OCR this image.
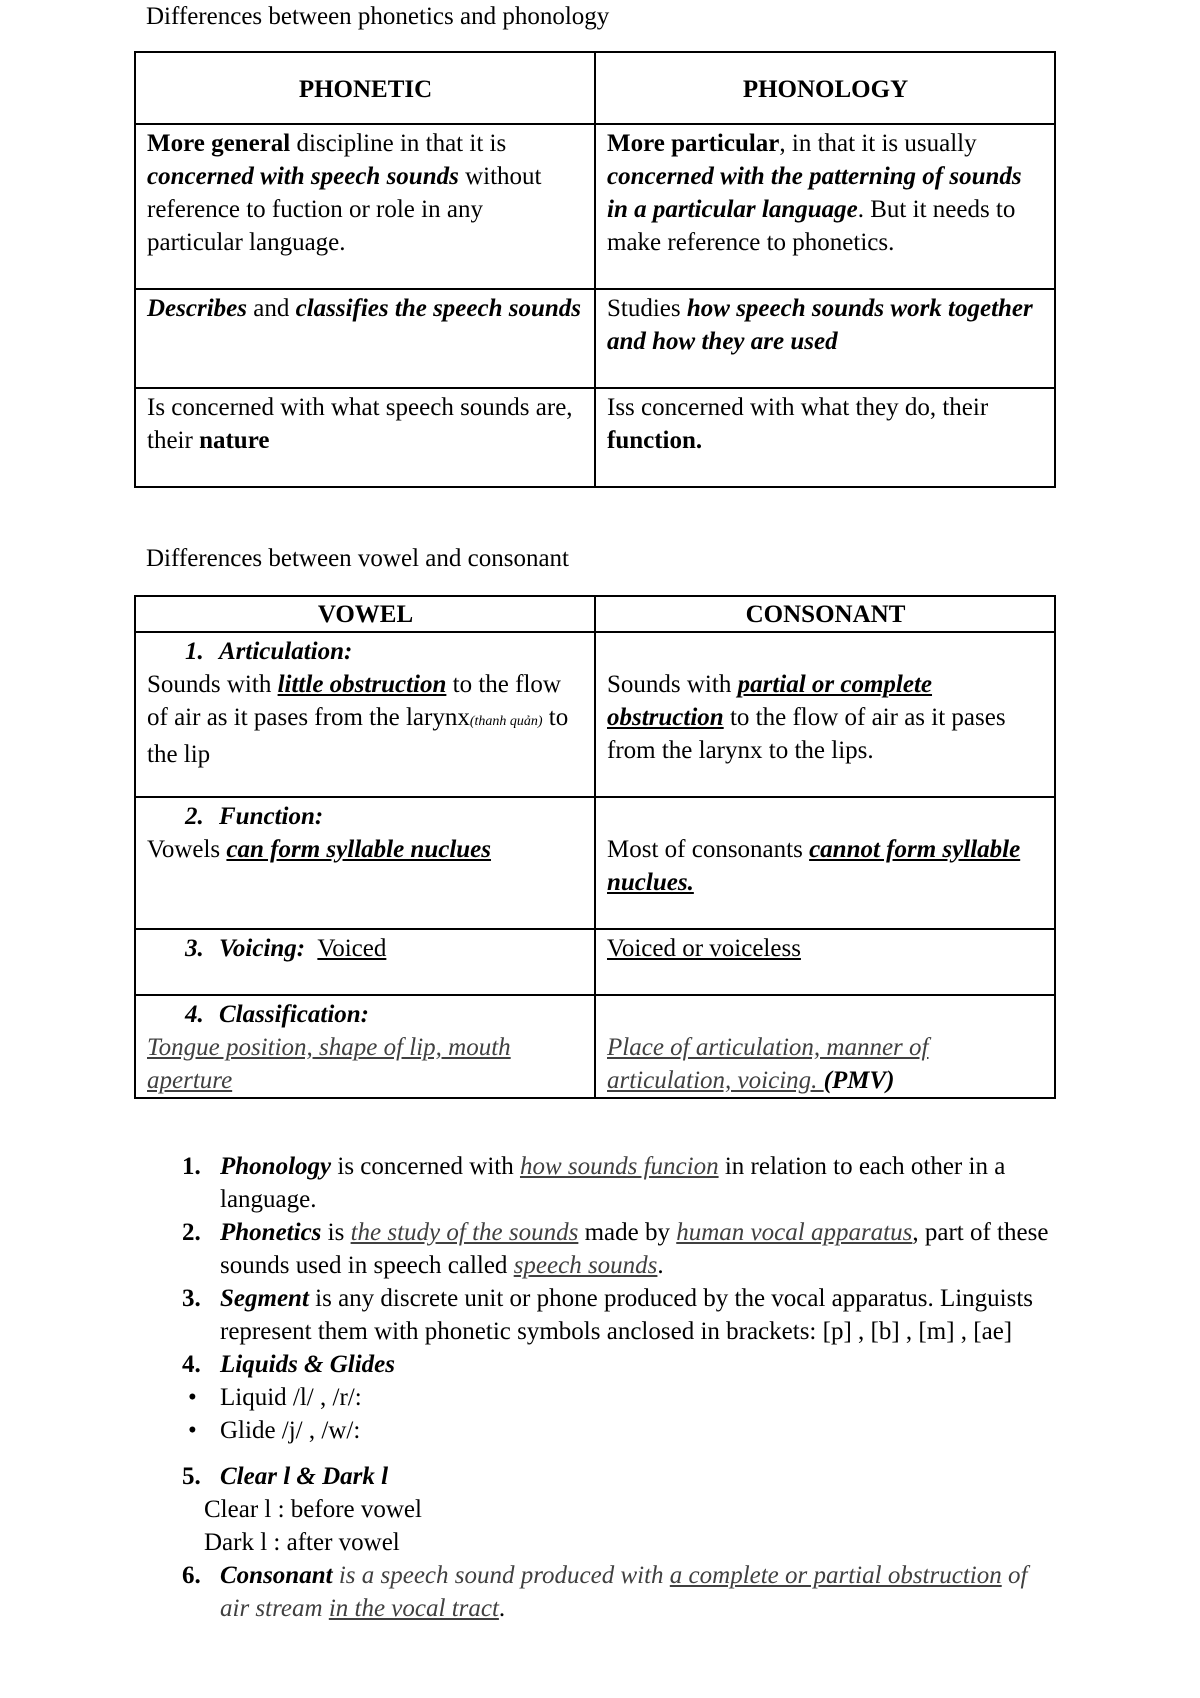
Differences between phonetics and phonology

PHONETIC	PHONOLOGY
More general discipline in that it is concerned with speech sounds without reference to fuction or role in any particular language.	More particular, in that it is usually concerned with the patterning of sounds in a particular language. But it needs to make reference to phonetics.
Describes and classifies the speech sounds	Studies how speech sounds work together and how they are used
Is concerned with what speech sounds are, their nature	Iss concerned with what they do, their function.

Differences between vowel and consonant

VOWEL	CONSONANT

1. Articulation:
Sounds with little obstruction to the flow of air as it pases from the larynx(thanh quản) to the lip	Sounds with partial or complete obstruction to the flow of air as it pases from the larynx to the lips.

2. Function:
Vowels can form syllable nuclues	Most of consonants cannot form syllable nuclues.
3. Voicing: Voiced	Voiced or voiceless

4. Classification:
Tongue position, shape of lip, mouth aperture	Place of articulation, manner of articulation, voicing. (PMV)
1. Phonology is concerned with how sounds funcion in relation to each other in a language.
2. Phonetics is the study of the sounds made by human vocal apparatus, part of these sounds used in speech called speech sounds.
3. Segment is any discrete unit or phone produced by the vocal apparatus. Linguists represent them with phonetic symbols anclosed in brackets: [p] , [b] , [m] , [ae]
4. Liquids & Glides
• Liquid /l/ , /r/:
• Glide /j/ , /w/:
5. Clear l & Dark l
Clear l : before vowel
Dark l : after vowel
6. Consonant is a speech sound produced with a complete or partial obstruction of air stream in the vocal tract.
